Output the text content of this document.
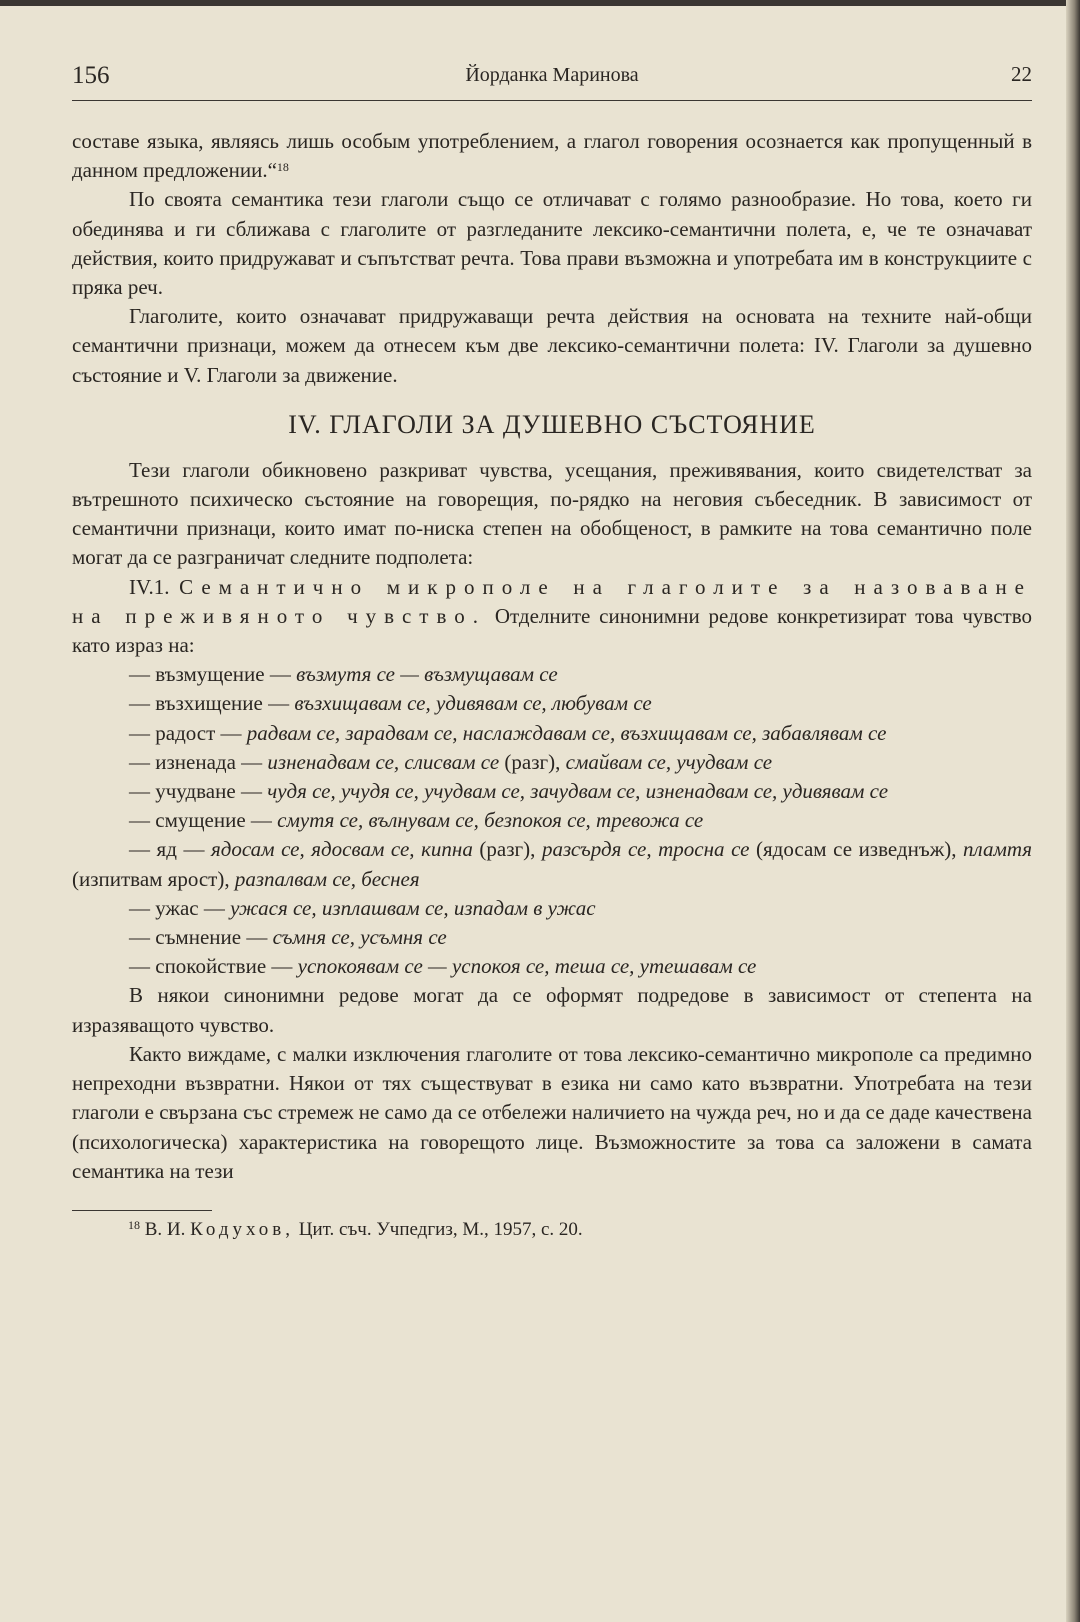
156	Йорданка Маринова	22

составе языка, являясь лишь особым употреблением, а глагол говорения осознается как пропущенный в данном предложении.“$^{18}$

По своята семантика тези глаголи също се отличават с голямо разнообразие. Но това, което ги обединява и ги сближава с глаголите от разгледаните лексико-семантични полета, е, че те означават действия, които придружават и съпътстват речта. Това прави възможна и употребата им в конструкциите с пряка реч.

Глаголите, които означават придружаващи речта действия на основата на техните най-общи семантични признаци, можем да отнесем към две лексико-семантични полета: IV. Глаголи за душевно състояние и V. Глаголи за движение.

IV. ГЛАГОЛИ ЗА ДУШЕВНО СЪСТОЯНИЕ

Тези глаголи обикновено разкриват чувства, усещания, преживявания, които свидетелстват за вътрешното психическо състояние на говорещия, по-рядко на неговия събеседник. В зависимост от семантични признаци, които имат по-ниска степен на обобщеност, в рамките на това семантично поле могат да се разграничат следните подполета:

IV.1. Семантично микрополе на глаголите за назоваване на преживяното чувство. Отделните синонимни редове конкретизират това чувство като израз на:

— възмущение — възмутя се — възмущавам се

— възхищение — възхищавам се, удивявам се, любувам се

— радост — радвам се, зарадвам се, наслаждавам се, възхищавам се, забавлявам се

— изненада — изненадвам се, слисвам се (разг), смайвам се, учудвам се

— учудване — чудя се, учудя се, учудвам се, зачудвам се, изненадвам се, удивявам се

— смущение — смутя се, вълнувам се, безпокоя се, тревожа се

— яд — ядосам се, ядосвам се, кипна (разг), разсърдя се, тросна се (ядосам се изведнъж), пламтя (изпитвам ярост), разпалвам се, беснея

— ужас — ужася се, изплашвам се, изпадам в ужас

— съмнение — съмня се, усъмня се

— спокойствие — успокоявам се — успокоя се, теша се, утешавам се

В някои синонимни редове могат да се оформят подредове в зависимост от степента на изразяващото чувство.

Както виждаме, с малки изключения глаголите от това лексико-семантично микрополе са предимно непреходни възвратни. Някои от тях съществуват в езика ни само като възвратни. Употребата на тези глаголи е свързана със стремеж не само да се отбележи наличието на чужда реч, но и да се даде качествена (психологическа) характеристика на говорещото лице. Възможностите за това са заложени в самата семантика на тези

$^{18}$ В. И. Кодухов, Цит. съч. Учпедгиз, М., 1957, с. 20.
